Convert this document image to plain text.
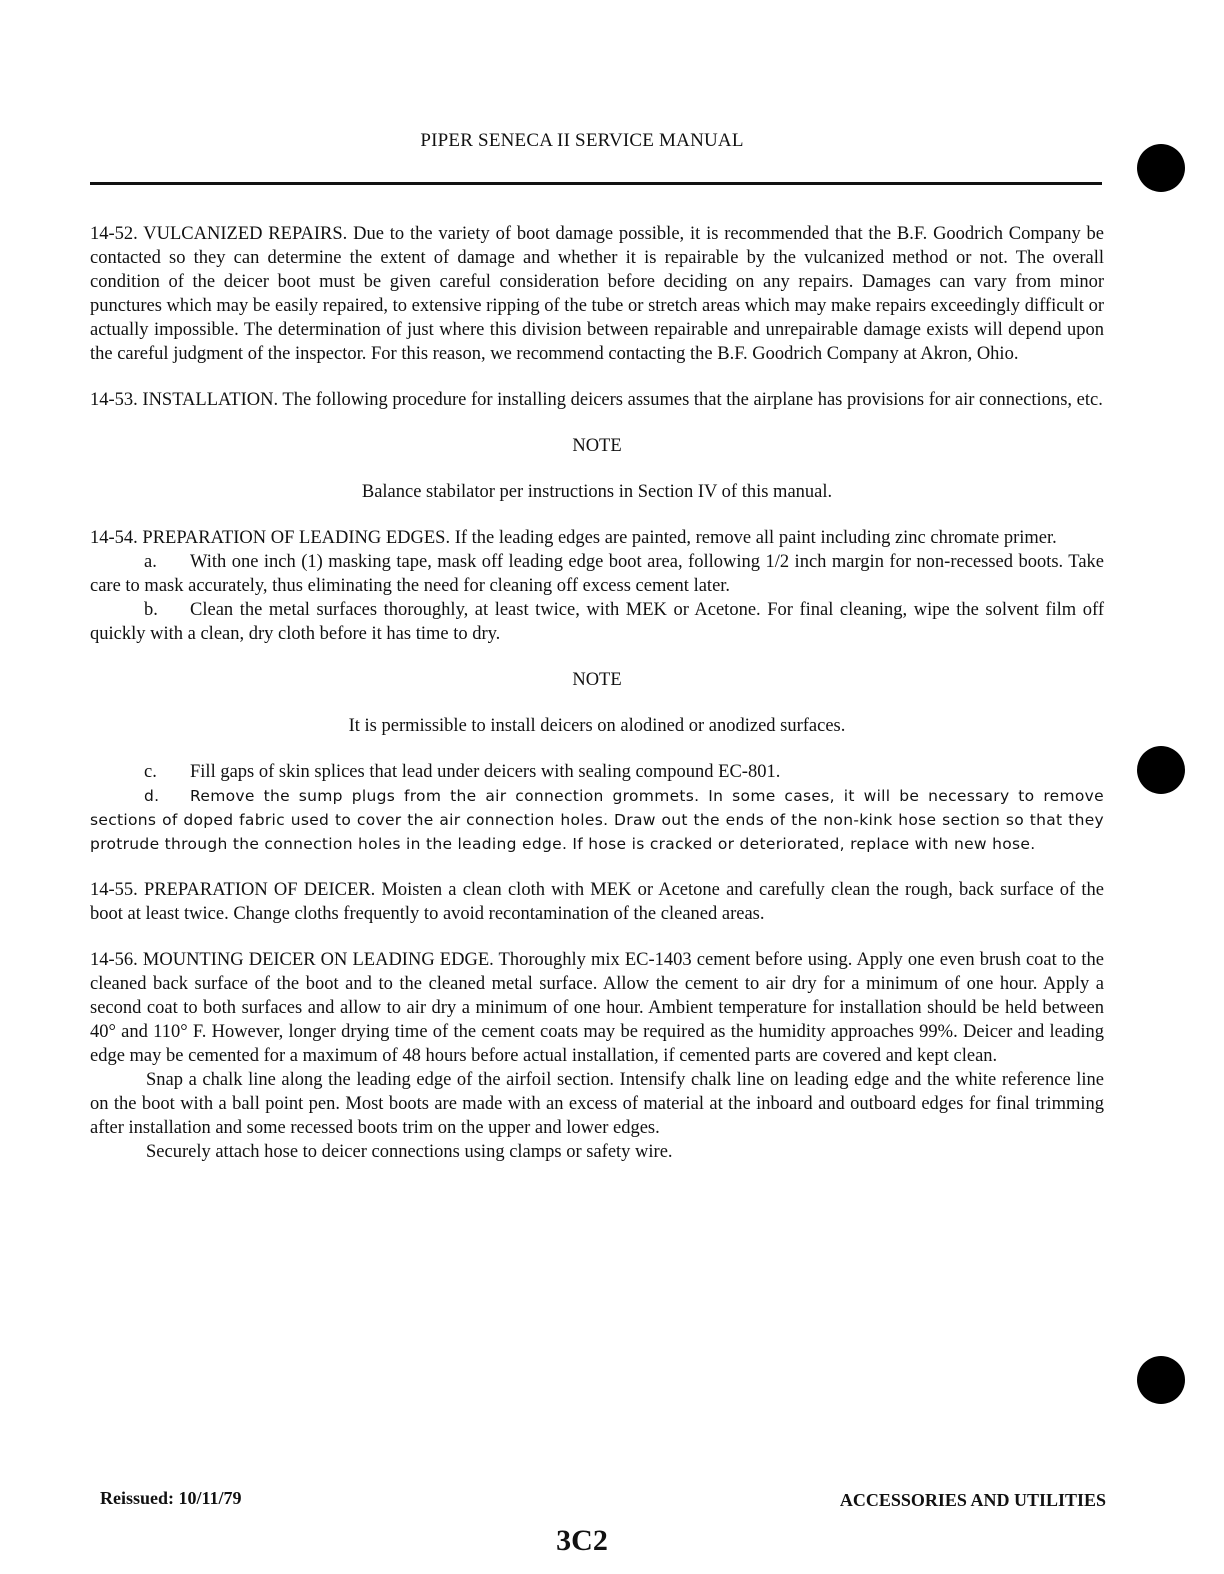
PIPER SENECA II SERVICE MANUAL

14-52. VULCANIZED REPAIRS. Due to the variety of boot damage possible, it is recommended that the B.F. Goodrich Company be contacted so they can determine the extent of damage and whether it is repairable by the vulcanized method or not. The overall condition of the deicer boot must be given careful consideration before deciding on any repairs. Damages can vary from minor punctures which may be easily repaired, to extensive ripping of the tube or stretch areas which may make repairs exceedingly difficult or actually impossible. The determination of just where this division between repairable and unrepairable damage exists will depend upon the careful judgment of the inspector. For this reason, we recommend contacting the B.F. Goodrich Company at Akron, Ohio.

14-53. INSTALLATION. The following procedure for installing deicers assumes that the airplane has provisions for air connections, etc.

NOTE

Balance stabilator per instructions in Section IV of this manual.

14-54. PREPARATION OF LEADING EDGES. If the leading edges are painted, remove all paint including zinc chromate primer.

a. With one inch (1) masking tape, mask off leading edge boot area, following 1/2 inch margin for non-recessed boots. Take care to mask accurately, thus eliminating the need for cleaning off excess cement later.

b. Clean the metal surfaces thoroughly, at least twice, with MEK or Acetone. For final cleaning, wipe the solvent film off quickly with a clean, dry cloth before it has time to dry.

NOTE

It is permissible to install deicers on alodined or anodized surfaces.

c. Fill gaps of skin splices that lead under deicers with sealing compound EC-801.

d. Remove the sump plugs from the air connection grommets. In some cases, it will be necessary to remove sections of doped fabric used to cover the air connection holes. Draw out the ends of the non-kink hose section so that they protrude through the connection holes in the leading edge. If hose is cracked or deteriorated, replace with new hose.

14-55. PREPARATION OF DEICER. Moisten a clean cloth with MEK or Acetone and carefully clean the rough, back surface of the boot at least twice. Change cloths frequently to avoid recontamination of the cleaned areas.

14-56. MOUNTING DEICER ON LEADING EDGE. Thoroughly mix EC-1403 cement before using. Apply one even brush coat to the cleaned back surface of the boot and to the cleaned metal surface. Allow the cement to air dry for a minimum of one hour. Apply a second coat to both surfaces and allow to air dry a minimum of one hour. Ambient temperature for installation should be held between 40° and 110° F. However, longer drying time of the cement coats may be required as the humidity approaches 99%. Deicer and leading edge may be cemented for a maximum of 48 hours before actual installation, if cemented parts are covered and kept clean.

Snap a chalk line along the leading edge of the airfoil section. Intensify chalk line on leading edge and the white reference line on the boot with a ball point pen. Most boots are made with an excess of material at the inboard and outboard edges for final trimming after installation and some recessed boots trim on the upper and lower edges.

Securely attach hose to deicer connections using clamps or safety wire.

Reissued: 10/11/79	ACCESSORIES AND UTILITIES
3C2
